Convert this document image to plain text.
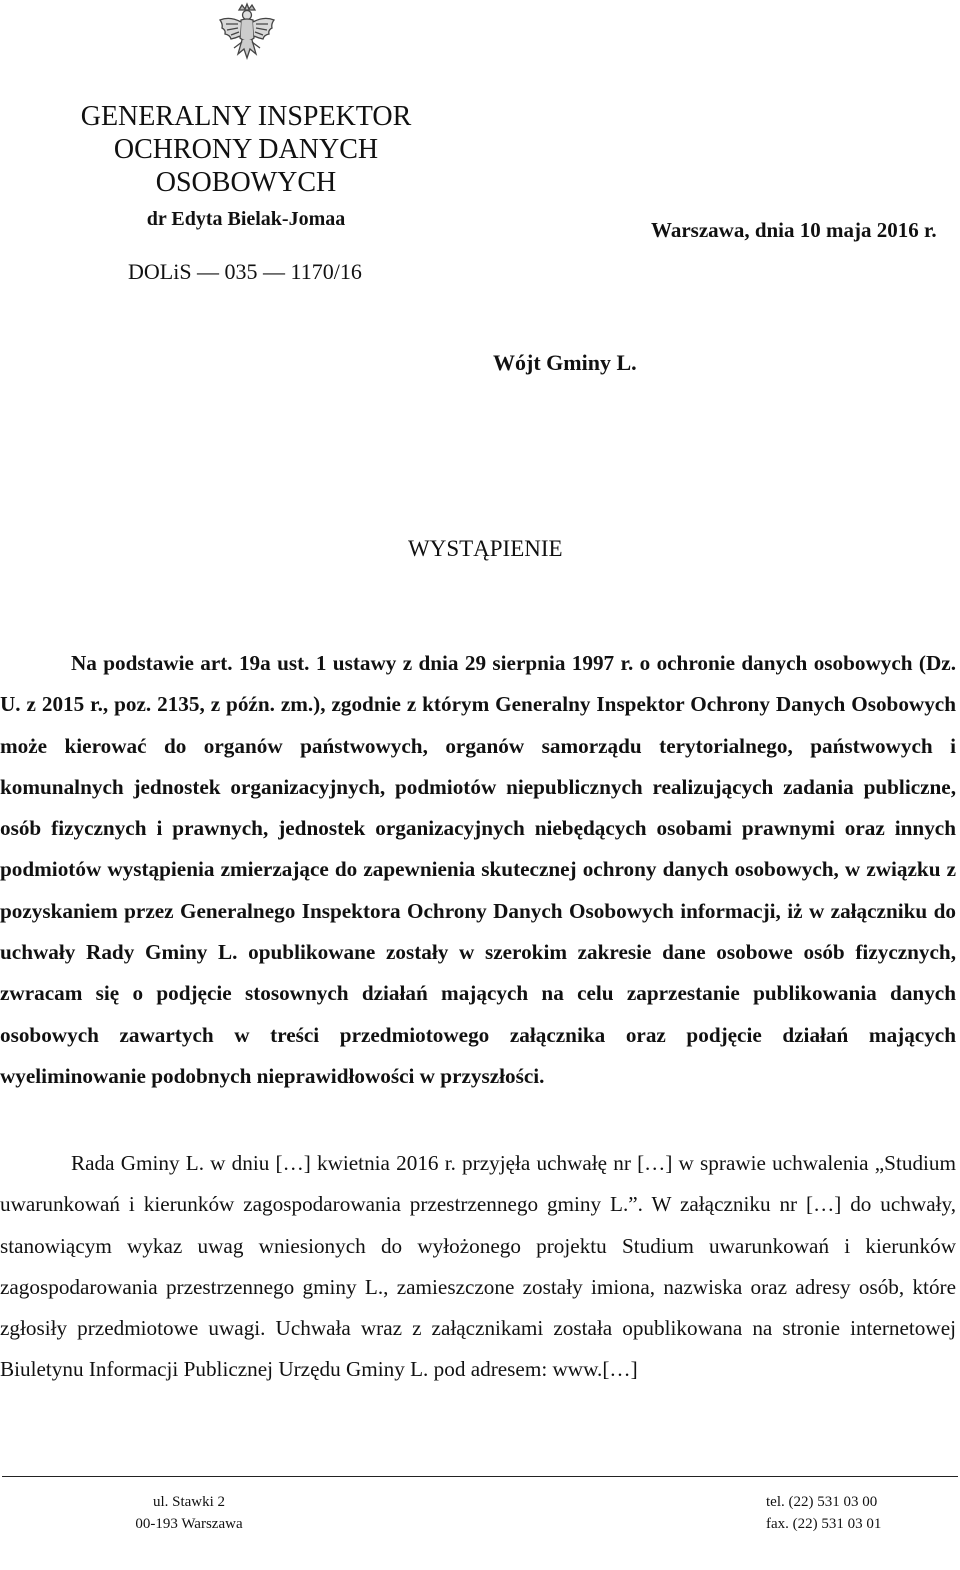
GENERALNY INSPEKTOR
OCHRONY DANYCH
OSOBOWYCH
dr Edyta Bielak-Jomaa	Warszawa, dnia 10 maja 2016 r.
DOLiS — 035 — 1170/16
Wójt Gminy L.
WYSTĄPIENIE

Na podstawie art. 19a ust. 1 ustawy z dnia 29 sierpnia 1997 r. o ochronie danych osobowych (Dz. U. z 2015 r., poz. 2135, z późn. zm.), zgodnie z którym Generalny Inspektor Ochrony Danych Osobowych może kierować do organów państwowych, organów samorządu terytorialnego, państwowych i komunalnych jednostek organizacyjnych, podmiotów niepublicznych realizujących zadania publiczne, osób fizycznych i prawnych, jednostek organizacyjnych niebędących osobami prawnymi oraz innych podmiotów wystąpienia zmierzające do zapewnienia skutecznej ochrony danych osobowych, w związku z pozyskaniem przez Generalnego Inspektora Ochrony Danych Osobowych informacji, iż w załączniku do uchwały Rady Gminy L. opublikowane zostały w szerokim zakresie dane osobowe osób fizycznych, zwracam się o podjęcie stosownych działań mających na celu zaprzestanie publikowania danych osobowych zawartych w treści przedmiotowego załącznika oraz podjęcie działań mających wyeliminowanie podobnych nieprawidłowości w przyszłości.

Rada Gminy L. w dniu […] kwietnia 2016 r. przyjęła uchwałę nr […] w sprawie uchwalenia „Studium uwarunkowań i kierunków zagospodarowania przestrzennego gminy L.”. W załączniku nr […] do uchwały, stanowiącym wykaz uwag wniesionych do wyłożonego projektu Studium uwarunkowań i kierunków zagospodarowania przestrzennego gminy L., zamieszczone zostały imiona, nazwiska oraz adresy osób, które zgłosiły przedmiotowe uwagi. Uchwała wraz z załącznikami została opublikowana na stronie internetowej Biuletynu Informacji Publicznej Urzędu Gminy L. pod adresem: www.[…]

ul. Stawki 2
00-193 Warszawa
tel. (22) 531 03 00
fax. (22) 531 03 01
